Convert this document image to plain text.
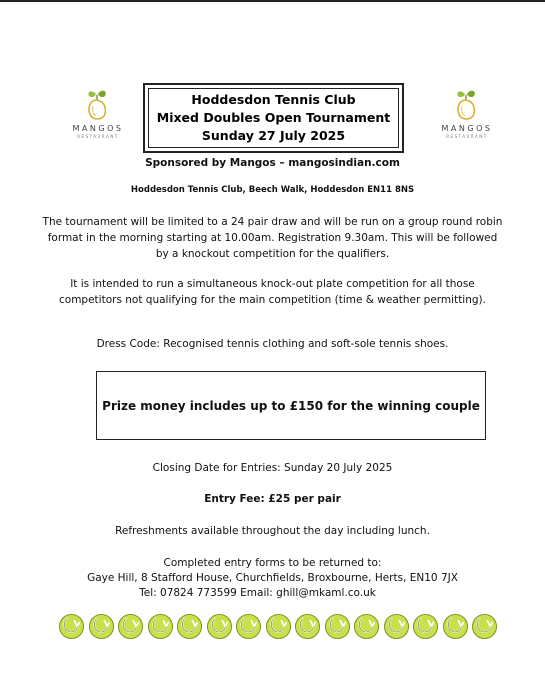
MANGOS
RESTAURANT
MANGOS
RESTAURANT
Hoddesdon Tennis Club
Mixed Doubles Open Tournament
Sunday 27 July 2025
Sponsored by Mangos – mangosindian.com
Hoddesdon Tennis Club, Beech Walk, Hoddesdon EN11 8NS
The tournament will be limited to a 24 pair draw and will be run on a group round robin
format in the morning starting at 10.00am. Registration 9.30am. This will be followed
by a knockout competition for the qualifiers.
It is intended to run a simultaneous knock-out plate competition for all those
competitors not qualifying for the main competition (time & weather permitting).
Dress Code: Recognised tennis clothing and soft-sole tennis shoes.
Prize money includes up to £150 for the winning couple
Closing Date for Entries: Sunday 20 July 2025
Entry Fee: £25 per pair
Refreshments available throughout the day including lunch.
Completed entry forms to be returned to:
Gaye Hill, 8 Stafford House, Churchfields, Broxbourne, Herts, EN10 7JX
Tel: 07824 773599 Email: ghill@mkaml.co.uk
